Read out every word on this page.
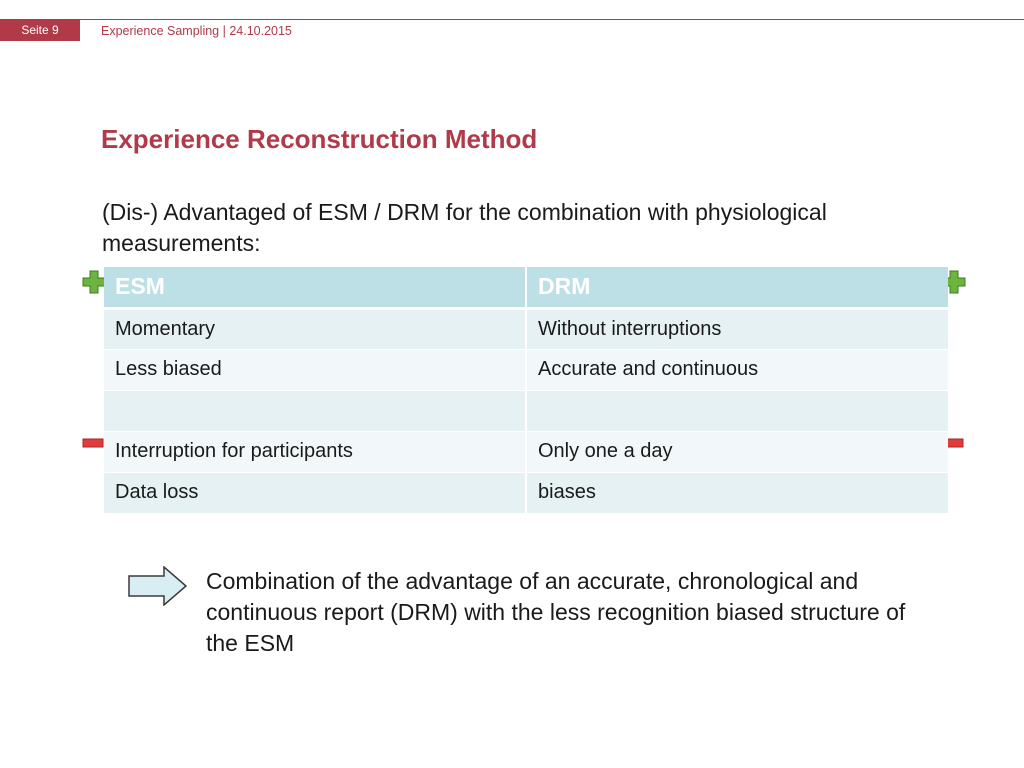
Seite 9	Experience Sampling | 24.10.2015
Experience Reconstruction Method

(Dis-) Advantaged of ESM / DRM for the combination with physiological measurements:

ESM	DRM
Momentary	Without interruptions
Less biased	Accurate and continuous

Interruption for participants	Only one a day
Data loss	biases

Combination of the advantage of an accurate, chronological and continuous report (DRM) with the less recognition biased structure of the ESM
